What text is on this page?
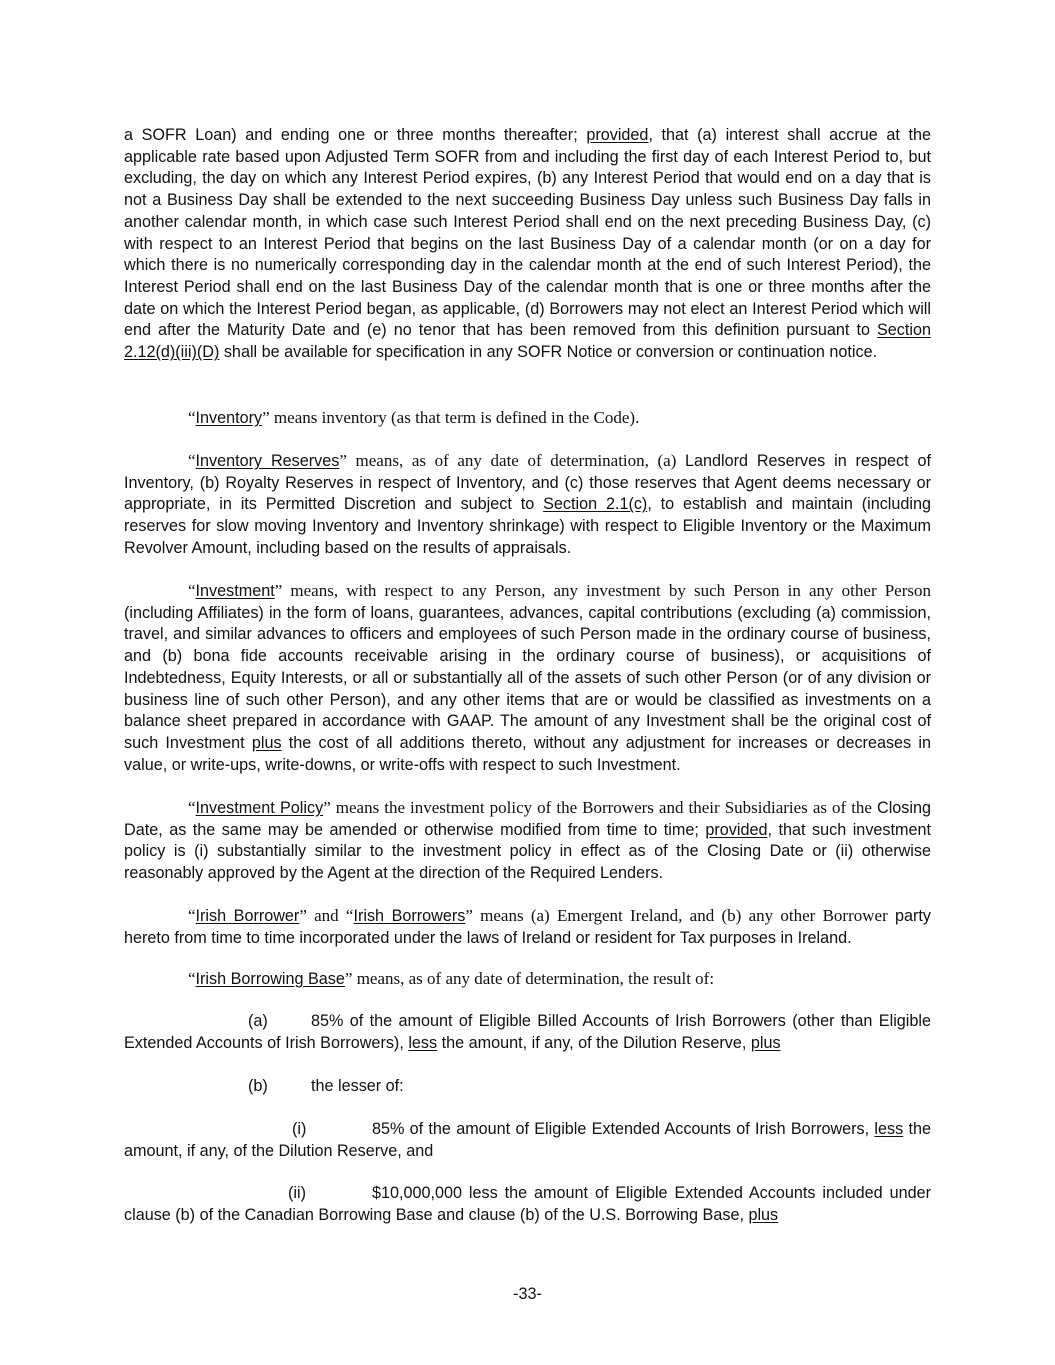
a SOFR Loan) and ending one or three months thereafter; provided, that (a) interest shall accrue at the applicable rate based upon Adjusted Term SOFR from and including the first day of each Interest Period to, but excluding, the day on which any Interest Period expires, (b) any Interest Period that would end on a day that is not a Business Day shall be extended to the next succeeding Business Day unless such Business Day falls in another calendar month, in which case such Interest Period shall end on the next preceding Business Day, (c) with respect to an Interest Period that begins on the last Business Day of a calendar month (or on a day for which there is no numerically corresponding day in the calendar month at the end of such Interest Period), the Interest Period shall end on the last Business Day of the calendar month that is one or three months after the date on which the Interest Period began, as applicable, (d) Borrowers may not elect an Interest Period which will end after the Maturity Date and (e) no tenor that has been removed from this definition pursuant to Section 2.12(d)(iii)(D) shall be available for specification in any SOFR Notice or conversion or continuation notice.

“Inventory” means inventory (as that term is defined in the Code).

“Inventory Reserves” means, as of any date of determination, (a) Landlord Reserves in respect of Inventory, (b) Royalty Reserves in respect of Inventory, and (c) those reserves that Agent deems necessary or appropriate, in its Permitted Discretion and subject to Section 2.1(c), to establish and maintain (including reserves for slow moving Inventory and Inventory shrinkage) with respect to Eligible Inventory or the Maximum Revolver Amount, including based on the results of appraisals.

“Investment” means, with respect to any Person, any investment by such Person in any other Person (including Affiliates) in the form of loans, guarantees, advances, capital contributions (excluding (a) commission, travel, and similar advances to officers and employees of such Person made in the ordinary course of business, and (b) bona fide accounts receivable arising in the ordinary course of business), or acquisitions of Indebtedness, Equity Interests, or all or substantially all of the assets of such other Person (or of any division or business line of such other Person), and any other items that are or would be classified as investments on a balance sheet prepared in accordance with GAAP. The amount of any Investment shall be the original cost of such Investment plus the cost of all additions thereto, without any adjustment for increases or decreases in value, or write-ups, write-downs, or write-offs with respect to such Investment.

“Investment Policy” means the investment policy of the Borrowers and their Subsidiaries as of the Closing Date, as the same may be amended or otherwise modified from time to time; provided, that such investment policy is (i) substantially similar to the investment policy in effect as of the Closing Date or (ii) otherwise reasonably approved by the Agent at the direction of the Required Lenders.

“Irish Borrower” and “Irish Borrowers” means (a) Emergent Ireland, and (b) any other Borrower party hereto from time to time incorporated under the laws of Ireland or resident for Tax purposes in Ireland.

“Irish Borrowing Base” means, as of any date of determination, the result of:

(a)	85% of the amount of Eligible Billed Accounts of Irish Borrowers (other than Eligible Extended Accounts of Irish Borrowers), less the amount, if any, of the Dilution Reserve, plus

(b)	the lesser of:

(i)	85% of the amount of Eligible Extended Accounts of Irish Borrowers, less the amount, if any, of the Dilution Reserve, and

(ii)	$10,000,000 less the amount of Eligible Extended Accounts included under clause (b) of the Canadian Borrowing Base and clause (b) of the U.S. Borrowing Base, plus

-33-
